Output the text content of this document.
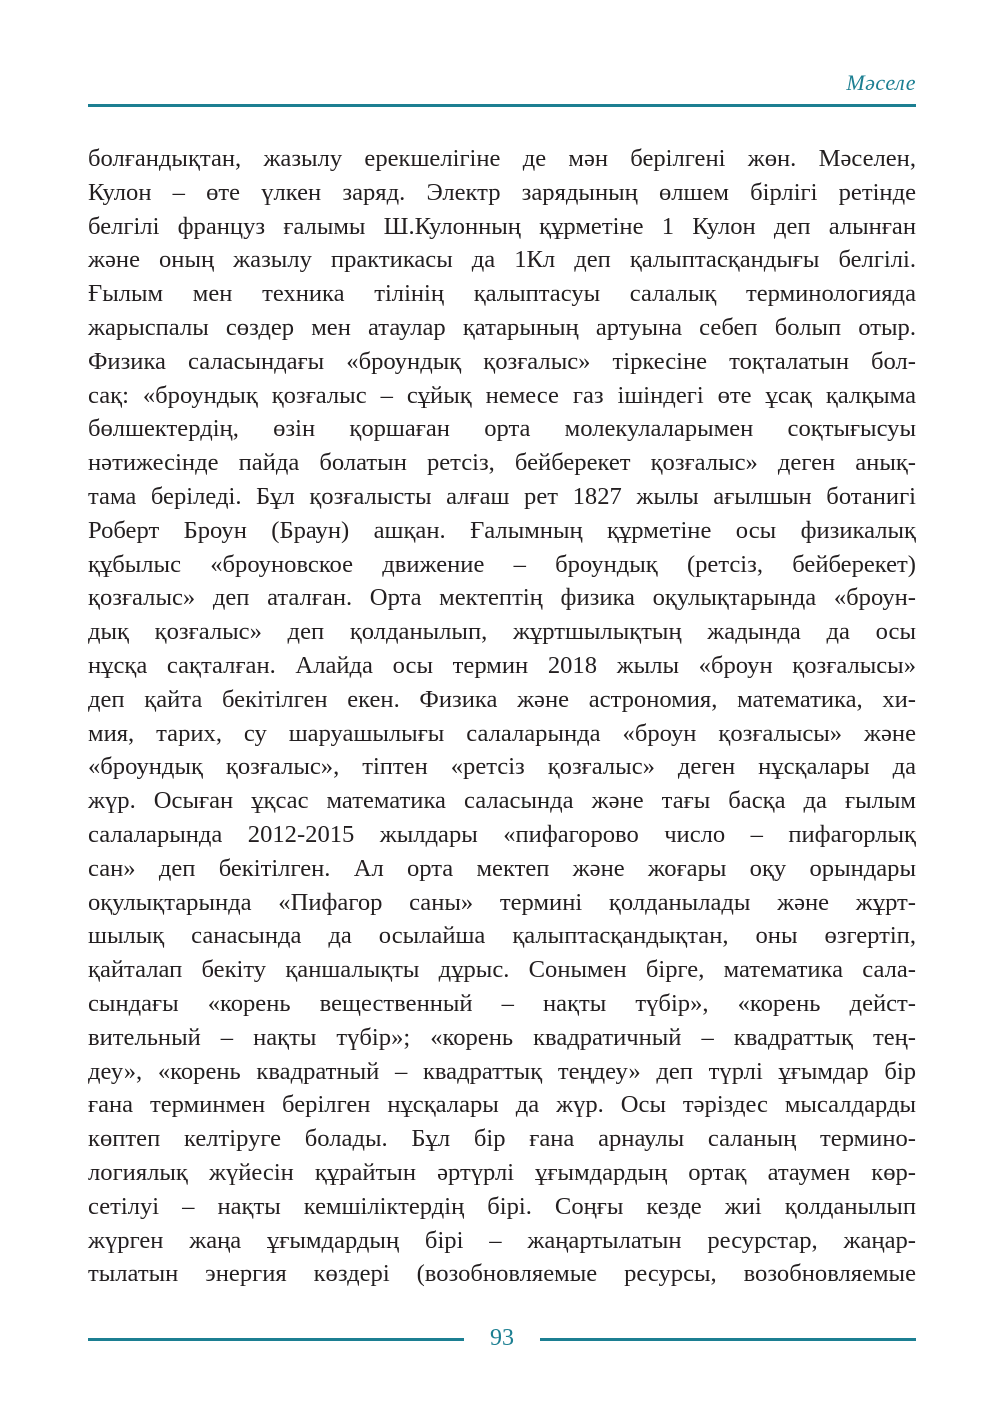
Мәселе
болғандықтан, жазылу ерекшелігіне де мән берілгені жөн. Мәселен,
Кулон – өте үлкен заряд. Электр зарядының өлшем бірлігі ретінде
белгілі француз ғалымы Ш.Кулонның құрметіне 1 Кулон деп алынған
және оның жазылу практикасы да 1Кл деп қалыптасқандығы белгілі.
Ғылым мен техника тілінің қалыптасуы салалық терминологияда
жарыспалы сөздер мен атаулар қатарының артуына себеп болып отыр.
Физика саласындағы «броундық қозғалыс» тіркесіне тоқталатын бол-
сақ: «броундық қозғалыс – сұйық немесе газ ішіндегі өте ұсақ қалқыма
бөлшектердің, өзін қоршаған орта молекулаларымен соқтығысуы
нәтижесінде пайда болатын ретсіз, бейберекет қозғалыс» деген анық-
тама беріледі. Бұл қозғалысты алғаш рет 1827 жылы ағылшын ботанигі
Роберт Броун (Браун) ашқан. Ғалымның құрметіне осы физикалық
құбылыс «броуновское движение – броундық (ретсіз, бейберекет)
қозғалыс» деп аталған. Орта мектептің физика оқулықтарында «броун-
дық қозғалыс» деп қолданылып, жұртшылықтың жадында да осы
нұсқа сақталған. Алайда осы термин 2018 жылы «броун қозғалысы»
деп қайта бекітілген екен. Физика және астрономия, математика, хи-
мия, тарих, су шаруашылығы салаларында «броун қозғалысы» және
«броундық қозғалыс», тіптен «ретсіз қозғалыс» деген нұсқалары да
жүр. Осыған ұқсас математика саласында және тағы басқа да ғылым
салаларында 2012-2015 жылдары «пифагорово число – пифагорлық
сан» деп бекітілген. Ал орта мектеп және жоғары оқу орындары
оқулықтарында «Пифагор саны» термині қолданылады және жұрт-
шылық санасында да осылайша қалыптасқандықтан, оны өзгертіп,
қайталап бекіту қаншалықты дұрыс. Сонымен бірге, математика сала-
сындағы «корень вещественный – нақты түбір», «корень дейст-
вительный – нақты түбір»; «корень квадратичный – квадраттық тең-
деу», «корень квадратный – квадраттық теңдеу» деп түрлі ұғымдар бір
ғана терминмен берілген нұсқалары да жүр. Осы тәріздес мысалдарды
көптеп келтіруге болады. Бұл бір ғана арнаулы саланың термино-
логиялық жүйесін құрайтын әртүрлі ұғымдардың ортақ атаумен көр-
сетілуі – нақты кемшіліктердің бірі. Соңғы кезде жиі қолданылып
жүрген жаңа ұғымдардың бірі – жаңартылатын ресурстар, жаңар-
тылатын энергия көздері (возобновляемые ресурсы, возобновляемые
93
